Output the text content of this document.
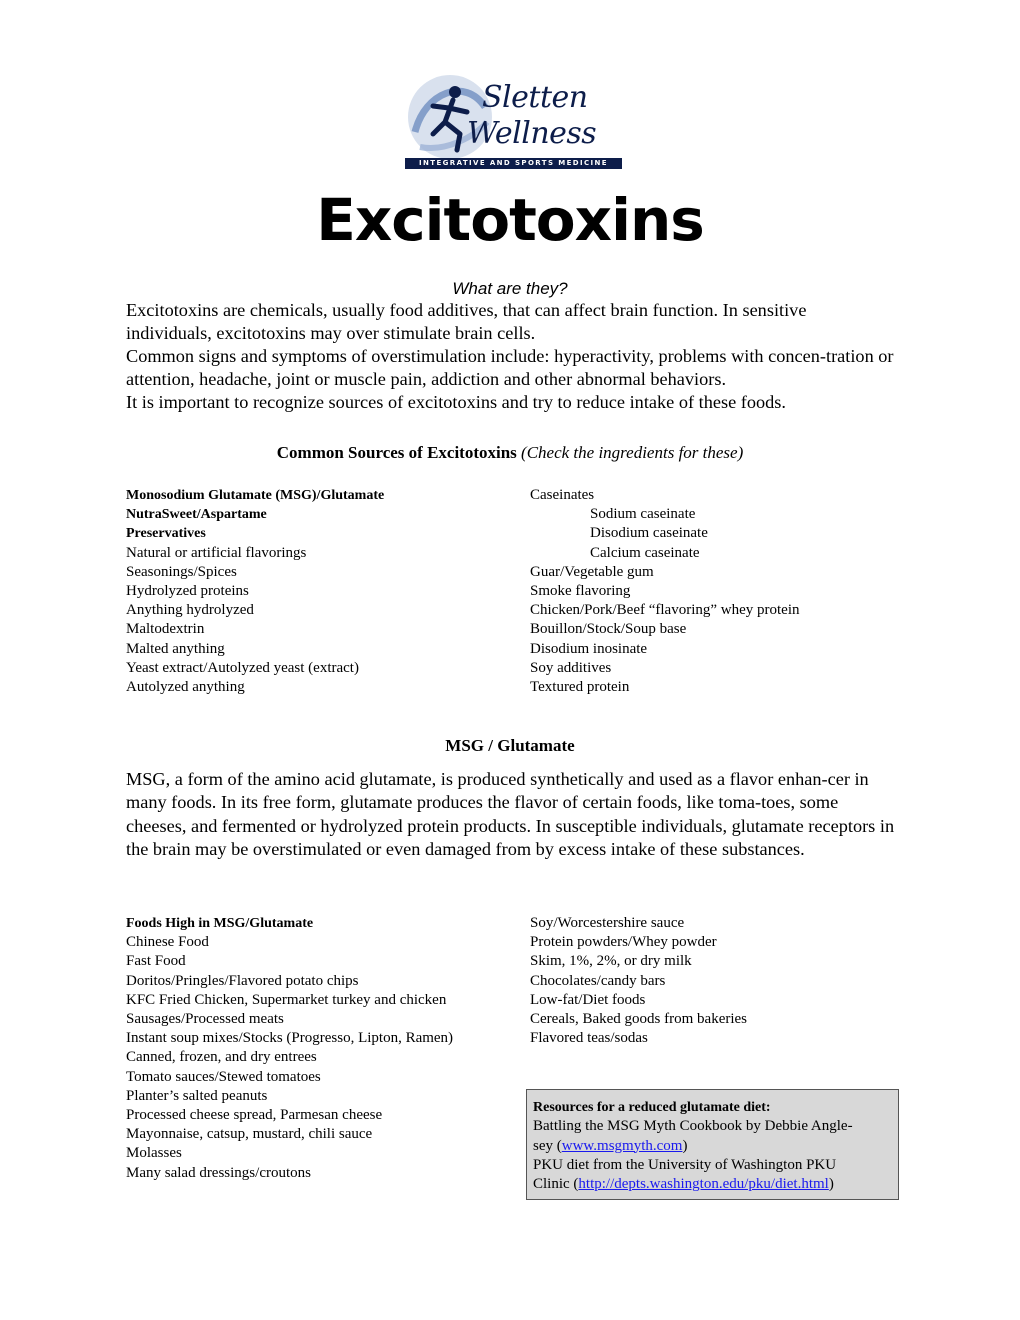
Sletten
Wellness
INTEGRATIVE AND SPORTS MEDICINE
Excitotoxins
What are they?
Excitotoxins are chemicals, usually food additives, that can affect brain function. In sensitive individuals, excitotoxins may over stimulate brain cells.
Common signs and symptoms of overstimulation include: hyperactivity, problems with concen-tration or attention, headache, joint or muscle pain, addiction and other abnormal behaviors.
It is important to recognize sources of excitotoxins and try to reduce intake of these foods.
Common Sources of Excitotoxins (Check the ingredients for these)
Monosodium Glutamate (MSG)/Glutamate
NutraSweet/Aspartame
Preservatives
Natural or artificial flavorings
Seasonings/Spices
Hydrolyzed proteins
Anything hydrolyzed
Maltodextrin
Malted anything
Yeast extract/Autolyzed yeast (extract)
Autolyzed anything
Caseinates
Sodium caseinate
Disodium caseinate
Calcium caseinate
Guar/Vegetable gum
Smoke flavoring
Chicken/Pork/Beef “flavoring” whey protein
Bouillon/Stock/Soup base
Disodium inosinate
Soy additives
Textured protein
MSG / Glutamate
MSG, a form of the amino acid glutamate, is produced synthetically and used as a flavor enhan-cer in many foods. In its free form, glutamate produces the flavor of certain foods, like toma-toes, some cheeses, and fermented or hydrolyzed protein products. In susceptible individuals, glutamate receptors in the brain may be overstimulated or even damaged from by excess intake of these substances.
Foods High in MSG/Glutamate
Chinese Food
Fast Food
Doritos/Pringles/Flavored potato chips
KFC Fried Chicken, Supermarket turkey and chicken
Sausages/Processed meats
Instant soup mixes/Stocks (Progresso, Lipton, Ramen)
Canned, frozen, and dry entrees
Tomato sauces/Stewed tomatoes
Planter’s salted peanuts
Processed cheese spread, Parmesan cheese
Mayonnaise, catsup, mustard, chili sauce
Molasses
Many salad dressings/croutons
Soy/Worcestershire sauce
Protein powders/Whey powder
Skim, 1%, 2%, or dry milk
Chocolates/candy bars
Low-fat/Diet foods
Cereals, Baked goods from bakeries
Flavored teas/sodas
Resources for a reduced glutamate diet:
Battling the MSG Myth Cookbook by Debbie Angle-
sey (www.msgmyth.com)
PKU diet from the University of Washington PKU
Clinic (http://depts.washington.edu/pku/diet.html)
